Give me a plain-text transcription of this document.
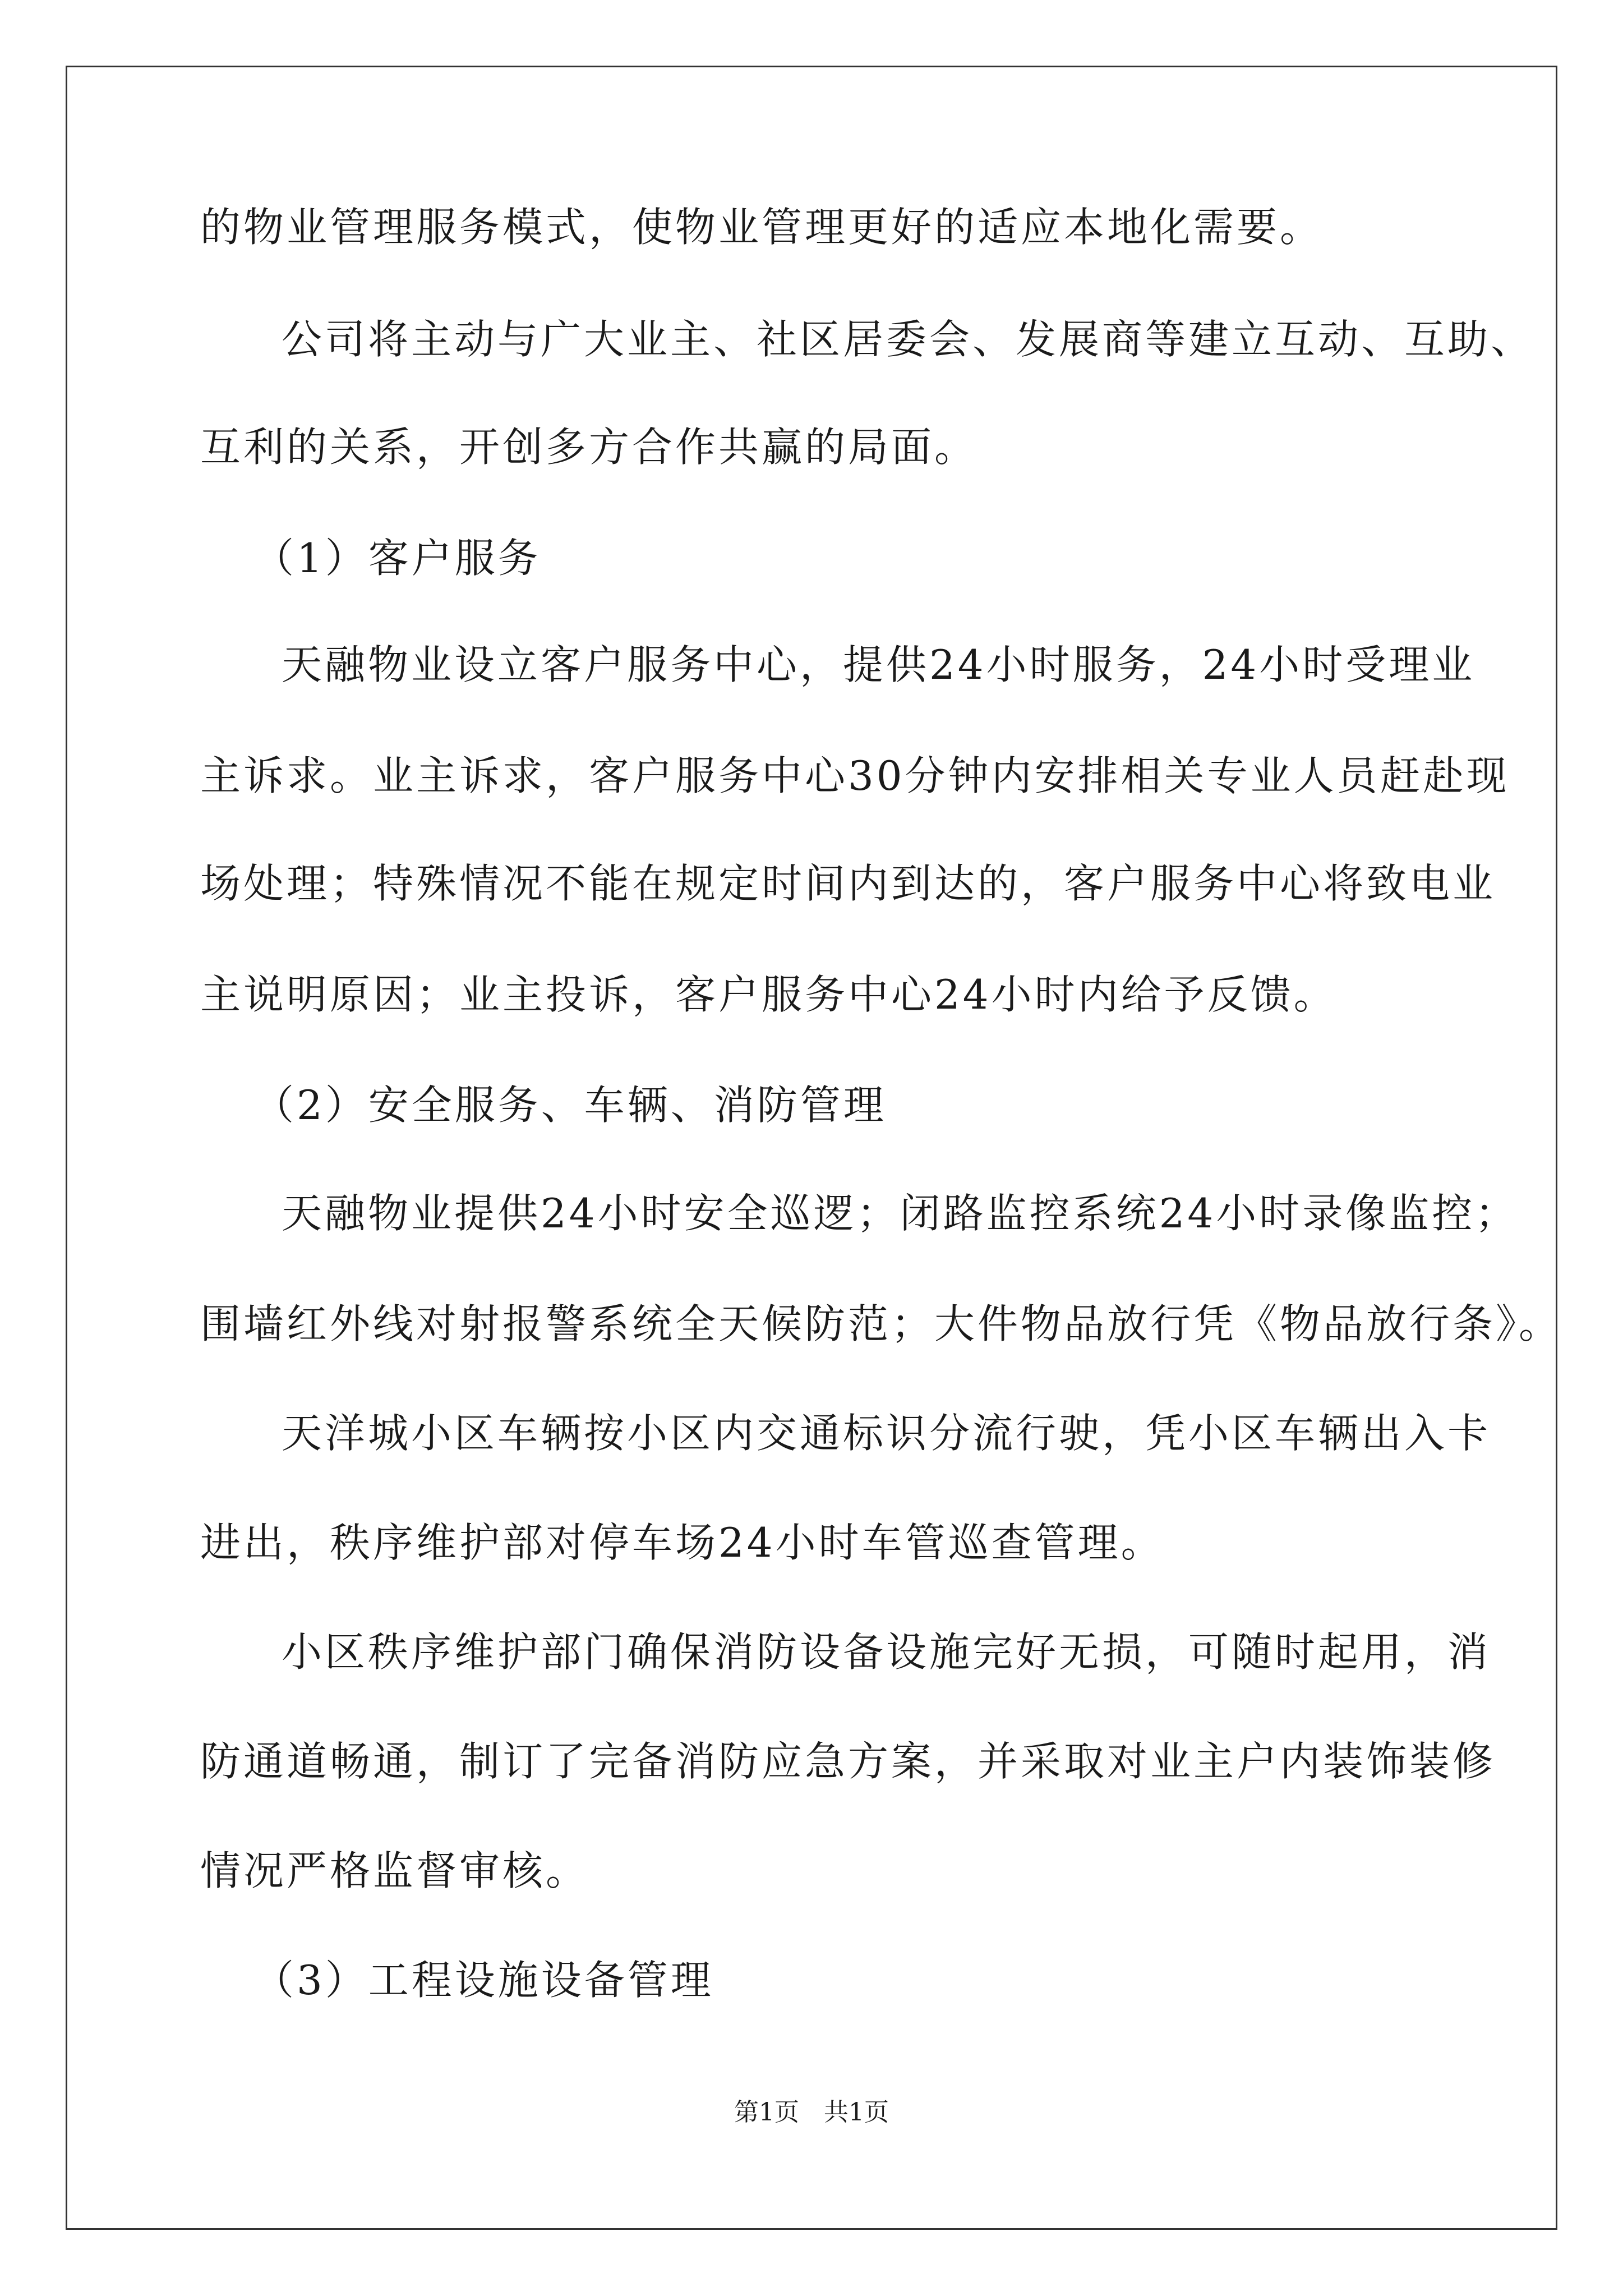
的物业管理服务模式，使物业管理更好的适应本地化需要。
公司将主动与广大业主、社区居委会、发展商等建立互动、互助、
互利的关系，开创多方合作共赢的局面。
（1）客户服务
天融物业设立客户服务中心，提供24小时服务，24小时受理业
主诉求。业主诉求，客户服务中心30分钟内安排相关专业人员赶赴现
场处理；特殊情况不能在规定时间内到达的，客户服务中心将致电业
主说明原因；业主投诉，客户服务中心24小时内给予反馈。
（2）安全服务、车辆、消防管理
天融物业提供24小时安全巡逻；闭路监控系统24小时录像监控；
围墙红外线对射报警系统全天候防范；大件物品放行凭《物品放行条》。
天洋城小区车辆按小区内交通标识分流行驶，凭小区车辆出入卡
进出，秩序维护部对停车场24小时车管巡查管理。
小区秩序维护部门确保消防设备设施完好无损，可随时起用，消
防通道畅通，制订了完备消防应急方案，并采取对业主户内装饰装修
情况严格监督审核。
（3）工程设施设备管理
第1页　共1页
